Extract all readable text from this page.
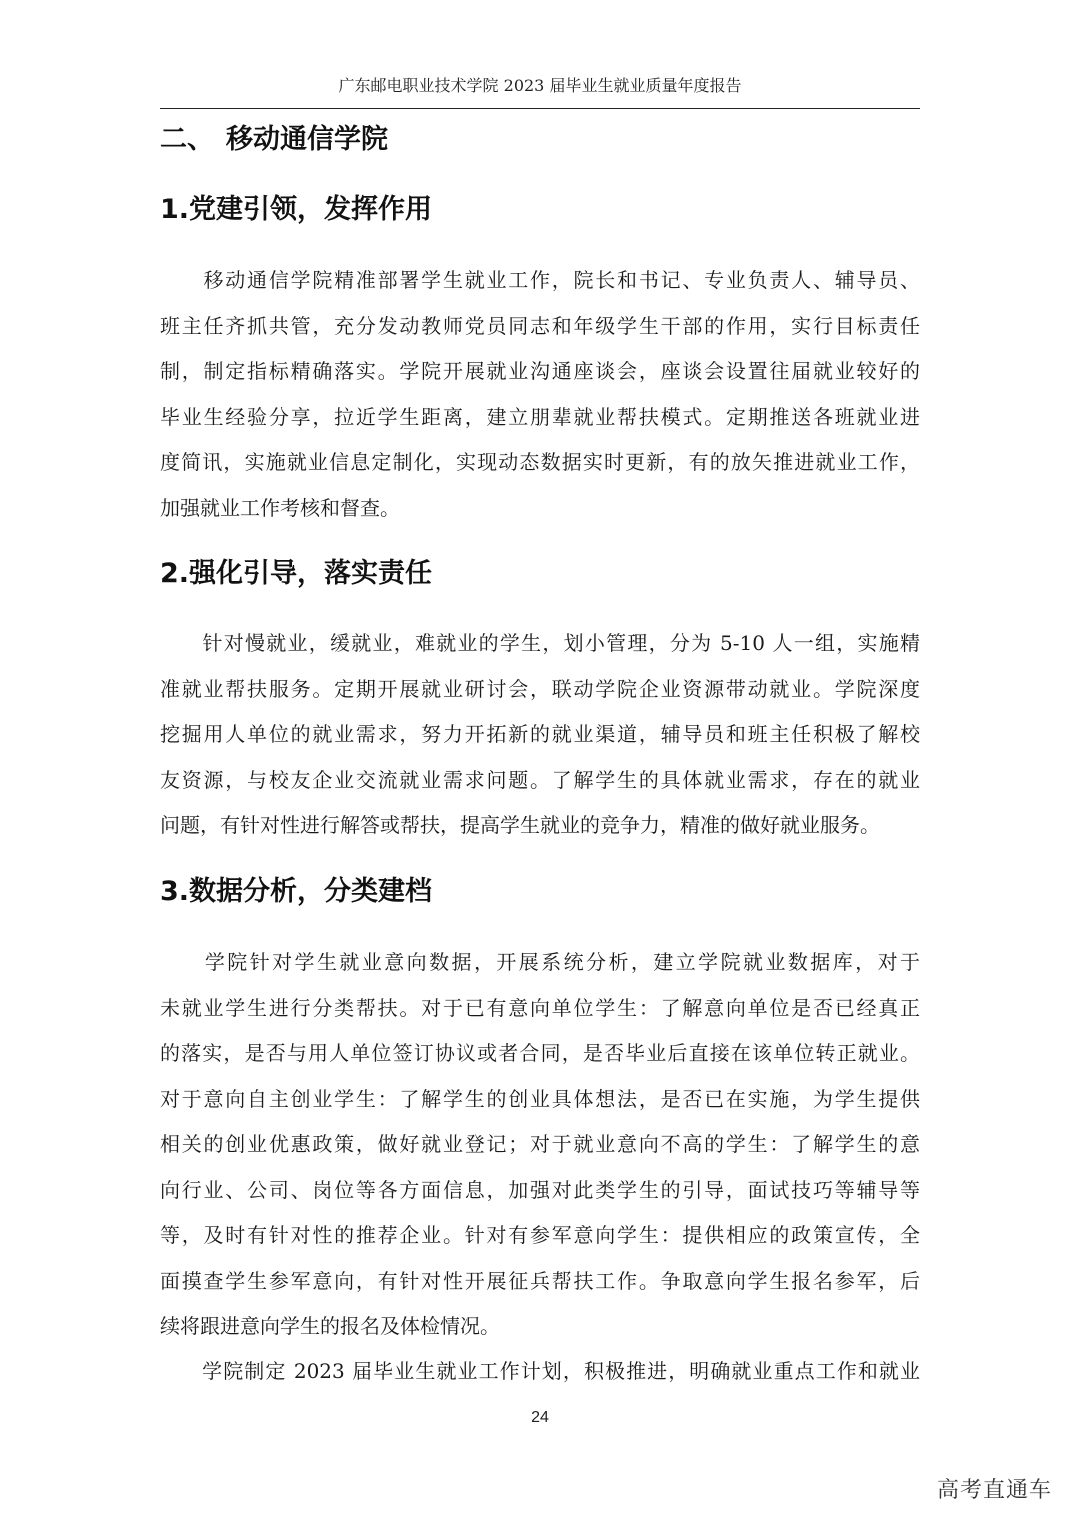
广东邮电职业技术学院 2023 届毕业生就业质量年度报告
二、 移动通信学院
1.党建引领，发挥作用
　　移动通信学院精准部署学生就业工作，院长和书记、专业负责人、辅导员、
班主任齐抓共管，充分发动教师党员同志和年级学生干部的作用，实行目标责任
制，制定指标精确落实。学院开展就业沟通座谈会，座谈会设置往届就业较好的
毕业生经验分享，拉近学生距离，建立朋辈就业帮扶模式。定期推送各班就业进
度简讯，实施就业信息定制化，实现动态数据实时更新，有的放矢推进就业工作，
加强就业工作考核和督查。
2.强化引导，落实责任
　　针对慢就业，缓就业，难就业的学生，划小管理，分为 5-10 人一组，实施精
准就业帮扶服务。定期开展就业研讨会，联动学院企业资源带动就业。学院深度
挖掘用人单位的就业需求，努力开拓新的就业渠道，辅导员和班主任积极了解校
友资源，与校友企业交流就业需求问题。了解学生的具体就业需求，存在的就业
问题，有针对性进行解答或帮扶，提高学生就业的竞争力，精准的做好就业服务。
3.数据分析，分类建档
　　学院针对学生就业意向数据，开展系统分析，建立学院就业数据库，对于
未就业学生进行分类帮扶。对于已有意向单位学生：了解意向单位是否已经真正
的落实，是否与用人单位签订协议或者合同，是否毕业后直接在该单位转正就业。
对于意向自主创业学生：了解学生的创业具体想法，是否已在实施，为学生提供
相关的创业优惠政策，做好就业登记；对于就业意向不高的学生：了解学生的意
向行业、公司、岗位等各方面信息，加强对此类学生的引导，面试技巧等辅导等
等，及时有针对性的推荐企业。针对有参军意向学生：提供相应的政策宣传，全
面摸查学生参军意向，有针对性开展征兵帮扶工作。争取意向学生报名参军，后
续将跟进意向学生的报名及体检情况。
　　学院制定 2023 届毕业生就业工作计划，积极推进，明确就业重点工作和就业
24
高考直通车
